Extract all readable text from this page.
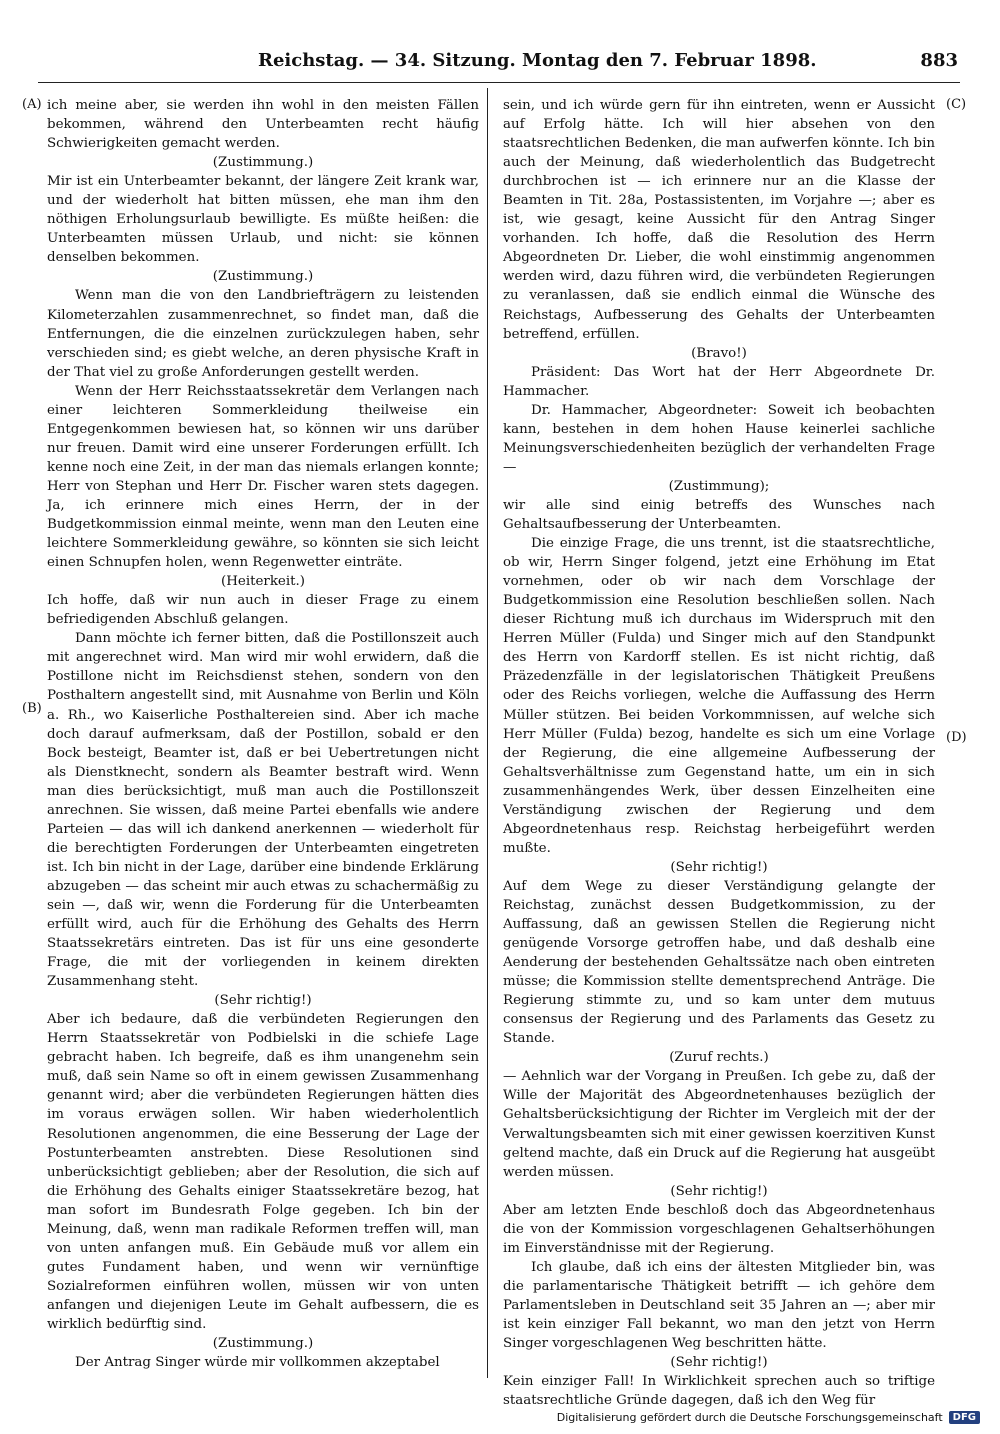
Reichstag. — 34. Sitzung. Montag den 7. Februar 1898.	883
(A)
(B)
(C)
(D)

ich meine aber, sie werden ihn wohl in den meisten Fällen bekommen, während den Unterbeamten recht häufig Schwierigkeiten gemacht werden.

(Zustimmung.)

Mir ist ein Unterbeamter bekannt, der längere Zeit krank war, und der wiederholt hat bitten müssen, ehe man ihm den nöthigen Erholungsurlaub bewilligte. Es müßte heißen: die Unterbeamten müssen Urlaub, und nicht: sie können denselben bekommen.

(Zustimmung.)

Wenn man die von den Landbriefträgern zu leistenden Kilometerzahlen zusammenrechnet, so findet man, daß die Entfernungen, die die einzelnen zurückzulegen haben, sehr verschieden sind; es giebt welche, an deren physische Kraft in der That viel zu große Anforderungen gestellt werden.

Wenn der Herr Reichsstaatssekretär dem Verlangen nach einer leichteren Sommerkleidung theilweise ein Entgegenkommen bewiesen hat, so können wir uns darüber nur freuen. Damit wird eine unserer Forderungen erfüllt. Ich kenne noch eine Zeit, in der man das niemals erlangen konnte; Herr von Stephan und Herr Dr. Fischer waren stets dagegen. Ja, ich erinnere mich eines Herrn, der in der Budgetkommission einmal meinte, wenn man den Leuten eine leichtere Sommerkleidung gewähre, so könnten sie sich leicht einen Schnupfen holen, wenn Regenwetter einträte.

(Heiterkeit.)

Ich hoffe, daß wir nun auch in dieser Frage zu einem befriedigenden Abschluß gelangen.

Dann möchte ich ferner bitten, daß die Postillonszeit auch mit angerechnet wird. Man wird mir wohl erwidern, daß die Postillone nicht im Reichsdienst stehen, sondern von den Posthaltern angestellt sind, mit Ausnahme von Berlin und Köln a. Rh., wo Kaiserliche Posthaltereien sind. Aber ich mache doch darauf aufmerksam, daß der Postillon, sobald er den Bock besteigt, Beamter ist, daß er bei Uebertretungen nicht als Dienstknecht, sondern als Beamter bestraft wird. Wenn man dies berücksichtigt, muß man auch die Postillonszeit anrechnen. Sie wissen, daß meine Partei ebenfalls wie andere Parteien — das will ich dankend anerkennen — wiederholt für die berechtigten Forderungen der Unterbeamten eingetreten ist. Ich bin nicht in der Lage, darüber eine bindende Erklärung abzugeben — das scheint mir auch etwas zu schachermäßig zu sein —, daß wir, wenn die Forderung für die Unterbeamten erfüllt wird, auch für die Erhöhung des Gehalts des Herrn Staatssekretärs eintreten. Das ist für uns eine gesonderte Frage, die mit der vorliegenden in keinem direkten Zusammenhang steht.

(Sehr richtig!)

Aber ich bedaure, daß die verbündeten Regierungen den Herrn Staatssekretär von Podbielski in die schiefe Lage gebracht haben. Ich begreife, daß es ihm unangenehm sein muß, daß sein Name so oft in einem gewissen Zusammenhang genannt wird; aber die verbündeten Regierungen hätten dies im voraus erwägen sollen. Wir haben wiederholentlich Resolutionen angenommen, die eine Besserung der Lage der Postunterbeamten anstrebten. Diese Resolutionen sind unberücksichtigt geblieben; aber der Resolution, die sich auf die Erhöhung des Gehalts einiger Staatssekretäre bezog, hat man sofort im Bundesrath Folge gegeben. Ich bin der Meinung, daß, wenn man radikale Reformen treffen will, man von unten anfangen muß. Ein Gebäude muß vor allem ein gutes Fundament haben, und wenn wir vernünftige Sozialreformen einführen wollen, müssen wir von unten anfangen und diejenigen Leute im Gehalt aufbessern, die es wirklich bedürftig sind.

(Zustimmung.)

Der Antrag Singer würde mir vollkommen akzeptabel

sein, und ich würde gern für ihn eintreten, wenn er Aussicht auf Erfolg hätte. Ich will hier absehen von den staatsrechtlichen Bedenken, die man aufwerfen könnte. Ich bin auch der Meinung, daß wiederholentlich das Budgetrecht durchbrochen ist — ich erinnere nur an die Klasse der Beamten in Tit. 28a, Postassistenten, im Vorjahre —; aber es ist, wie gesagt, keine Aussicht für den Antrag Singer vorhanden. Ich hoffe, daß die Resolution des Herrn Abgeordneten Dr. Lieber, die wohl einstimmig angenommen werden wird, dazu führen wird, die verbündeten Regierungen zu veranlassen, daß sie endlich einmal die Wünsche des Reichstags, Aufbesserung des Gehalts der Unterbeamten betreffend, erfüllen.

(Bravo!)

Präsident: Das Wort hat der Herr Abgeordnete Dr. Hammacher.

Dr. Hammacher, Abgeordneter: Soweit ich beobachten kann, bestehen in dem hohen Hause keinerlei sachliche Meinungsverschiedenheiten bezüglich der verhandelten Frage —

(Zustimmung);

wir alle sind einig betreffs des Wunsches nach Gehaltsaufbesserung der Unterbeamten.

Die einzige Frage, die uns trennt, ist die staatsrechtliche, ob wir, Herrn Singer folgend, jetzt eine Erhöhung im Etat vornehmen, oder ob wir nach dem Vorschlage der Budgetkommission eine Resolution beschließen sollen. Nach dieser Richtung muß ich durchaus im Widerspruch mit den Herren Müller (Fulda) und Singer mich auf den Standpunkt des Herrn von Kardorff stellen. Es ist nicht richtig, daß Präzedenzfälle in der legislatorischen Thätigkeit Preußens oder des Reichs vorliegen, welche die Auffassung des Herrn Müller stützen. Bei beiden Vorkommnissen, auf welche sich Herr Müller (Fulda) bezog, handelte es sich um eine Vorlage der Regierung, die eine allgemeine Aufbesserung der Gehaltsverhältnisse zum Gegenstand hatte, um ein in sich zusammenhängendes Werk, über dessen Einzelheiten eine Verständigung zwischen der Regierung und dem Abgeordnetenhaus resp. Reichstag herbeigeführt werden mußte.

(Sehr richtig!)

Auf dem Wege zu dieser Verständigung gelangte der Reichstag, zunächst dessen Budgetkommission, zu der Auffassung, daß an gewissen Stellen die Regierung nicht genügende Vorsorge getroffen habe, und daß deshalb eine Aenderung der bestehenden Gehaltssätze nach oben eintreten müsse; die Kommission stellte dementsprechend Anträge. Die Regierung stimmte zu, und so kam unter dem mutuus consensus der Regierung und des Parlaments das Gesetz zu Stande.

(Zuruf rechts.)

— Aehnlich war der Vorgang in Preußen. Ich gebe zu, daß der Wille der Majorität des Abgeordnetenhauses bezüglich der Gehaltsberücksichtigung der Richter im Vergleich mit der der Verwaltungsbeamten sich mit einer gewissen koerzitiven Kunst geltend machte, daß ein Druck auf die Regierung hat ausgeübt werden müssen.

(Sehr richtig!)

Aber am letzten Ende beschloß doch das Abgeordnetenhaus die von der Kommission vorgeschlagenen Gehaltserhöhungen im Einverständnisse mit der Regierung.

Ich glaube, daß ich eins der ältesten Mitglieder bin, was die parlamentarische Thätigkeit betrifft — ich gehöre dem Parlamentsleben in Deutschland seit 35 Jahren an —; aber mir ist kein einziger Fall bekannt, wo man den jetzt von Herrn Singer vorgeschlagenen Weg beschritten hätte.

(Sehr richtig!)

Kein einziger Fall! In Wirklichkeit sprechen auch so triftige staatsrechtliche Gründe dagegen, daß ich den Weg für

Digitalisierung gefördert durch die Deutsche Forschungsgemeinschaft	DFG
